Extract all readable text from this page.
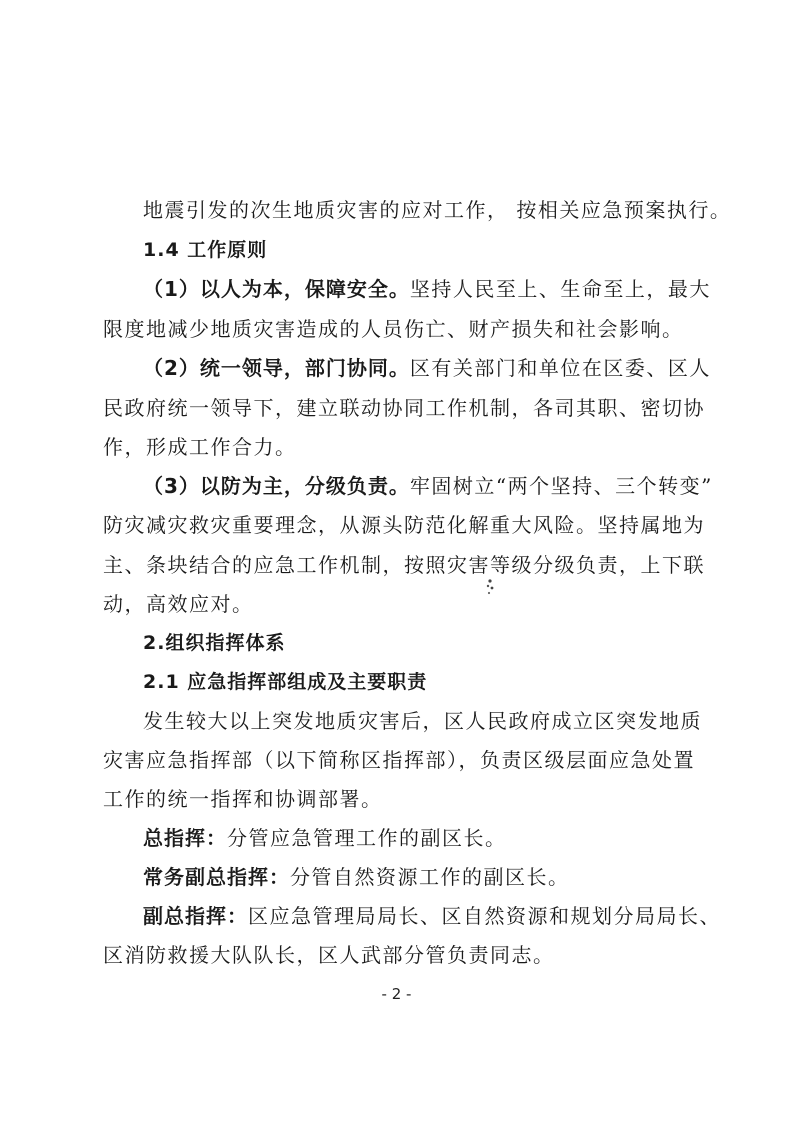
地震引发的次生地质灾害的应对工作， 按相关应急预案执行。
1.4 工作原则
（1）以人为本，保障安全。坚持人民至上、生命至上，最大
限度地减少地质灾害造成的人员伤亡、财产损失和社会影响。
（2）统一领导，部门协同。区有关部门和单位在区委、区人
民政府统一领导下，建立联动协同工作机制，各司其职、密切协
作，形成工作合力。
（3）以防为主，分级负责。牢固树立“两个坚持、三个转变”
防灾减灾救灾重要理念，从源头防范化解重大风险。坚持属地为
主、条块结合的应急工作机制，按照灾害等级分级负责，上下联
动，高效应对。
2.组织指挥体系
2.1 应急指挥部组成及主要职责
发生较大以上突发地质灾害后，区人民政府成立区突发地质
灾害应急指挥部（以下简称区指挥部），负责区级层面应急处置
工作的统一指挥和协调部署。
总指挥：分管应急管理工作的副区长。
常务副总指挥：分管自然资源工作的副区长。
副总指挥：区应急管理局局长、区自然资源和规划分局局长、
区消防救援大队队长，区人武部分管负责同志。
- 2 -
